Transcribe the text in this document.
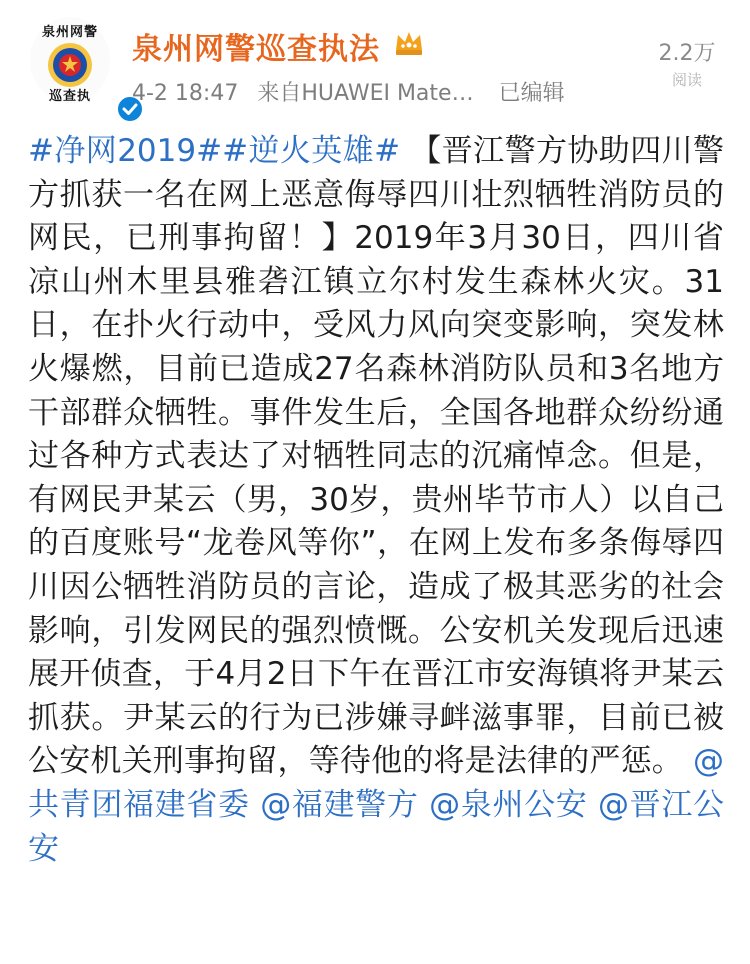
泉州网警
巡查执
泉州网警巡查执法
4-2 18:47 来自HUAWEI Mate… 已编辑
2.2万
阅读
#净网2019##逆火英雄# 【晋江警方协助四川警方抓获一名在网上恶意侮辱四川壮烈牺牲消防员的网民，已刑事拘留！】2019年3月30日，四川省凉山州木里县雅砻江镇立尔村发生森林火灾。31日，在扑火行动中，受风力风向突变影响，突发林火爆燃，目前已造成27名森林消防队员和3名地方干部群众牺牲。事件发生后，全国各地群众纷纷通过各种方式表达了对牺牲同志的沉痛悼念。但是，有网民尹某云（男，30岁，贵州毕节市人）以自己的百度账号“龙卷风等你”，在网上发布多条侮辱四川因公牺牲消防员的言论，造成了极其恶劣的社会影响，引发网民的强烈愤慨。公安机关发现后迅速展开侦查，于4月2日下午在晋江市安海镇将尹某云抓获。尹某云的行为已涉嫌寻衅滋事罪，目前已被公安机关刑事拘留，等待他的将是法律的严惩。 @共青团福建省委 @福建警方 @泉州公安 @晋江公安
